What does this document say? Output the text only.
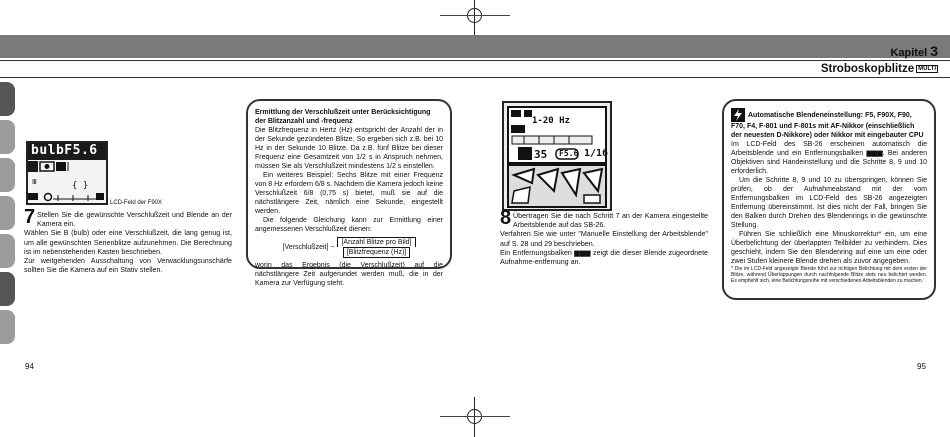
Kapitel 3
Stroboskopblitze MULTI
Ⅲ	{ }
bulbF5.6
LCD-Feld der F90X
7 Stellen Sie die gewünschte Verschlußzeit und Blende an der Kamera ein.

Wählen Sie B (bulb) oder eine Verschlußzeit, die lang genug ist, um alle gewünschten Serienblitze aufzunehmen. Die Berechnung ist im nebenstehenden Kasten beschrieben.

Zur weitgehenden Ausschaltung von Verwacklungsunschärfe sollten Sie die Kamera auf ein Stativ stellen.

94

Ermittlung der Verschlußzeit unter Berücksichtigung der Blitzanzahl und -frequenz

Die Blitzfrequenz in Hertz (Hz) entspricht der Anzahl der in der Sekunde gezündeten Blitze. So ergeben sich z.B. bei 10 Hz in der Sekunde 10 Blitze. Da z.B. fünf Blitze bei dieser Frequenz eine Gesamtzeit von 1/2 s in Anspruch nehmen, müssen Sie als Verschlußzeit mindestens 1/2 s einstellen.

Ein weiteres Beispiel: Sechs Blitze mit einer Frequenz von 8 Hz erfordern 6/8 s. Nachdem die Kamera jedoch keine Verschlußzeit 6/8 (0,75 s) bietet, muß sie auf die nächstlängere Zeit, nämlich eine Sekunde, eingestellt werden.

Die folgende Gleichung kann zur Ermittlung einer angemessenen Verschlußzeit dienen:

[Verschlußzeit] ~ $\frac{\text{[Anzahl Blitze pro Bild]}}{\text{[Blitzfrequenz (Hz)]}}$

worin das Ergebnis (die Verschlußzeit) auf die nächstlängere Zeit aufgerundet werden muß, die in der Kamera zur Verfügung steht.

1-20 Hz
35 F5.6 1/16
8 Übertragen Sie die nach Schritt 7 an der Kamera eingestellte Arbeitsblende auf das SB-26.

Verfahren Sie wie unter "Manuelle Einstellung der Arbeitsblende" auf S. 28 und 29 beschrieben.

Ein Entfernungsbalken ▆▆▆ zeigt die dieser Blende zugeordnete Aufnahme-entfernung an.

Automatische Blendeneinstellung: F5, F90X, F90, F70, F4, F-801 und F-801s mit AF-Nikkor (einschließlich der neuesten D-Nikkore) oder Nikkor mit eingebauter CPU

Im LCD-Feld des SB-26 erscheinen automatisch die Arbeitsblende und ein Entfernungsbalken ▆▆▆. Bei anderen Objektiven sind Handeinstellung und die Schritte 8, 9 und 10 erforderlich.

Um die Schritte 8, 9 und 10 zu überspringen, können Sie prüfen, ob der Aufnahmeabstand mit der vom Entfernungsbalken im LCD-Feld des SB-26 angezeigten Entfernung übereinstimmt. Ist dies nicht der Fall, bringen Sie den Balken durch Drehen des Blendenrings in die gewünschte Stellung.

Führen Sie schließlich eine Minuskorrektur* ein, um eine Überbelichtung der überlappten Teilbilder zu verhindern. Dies geschieht, indem Sie den Blendenring auf eine um eine oder zwei Stufen kleinere Blende drehen als zuvor angegeben.

* Die im LCD-Feld angezeigte Blende führt zur richtigen Belichtung mit dem ersten der Blitze, während Überlappungen durch nachfolgende Blitze stets neu belichtet werden. Es empfiehlt sich, eine Belichtungsreihe mit verschiedenen Arbeitsblenden zu machen.

95
